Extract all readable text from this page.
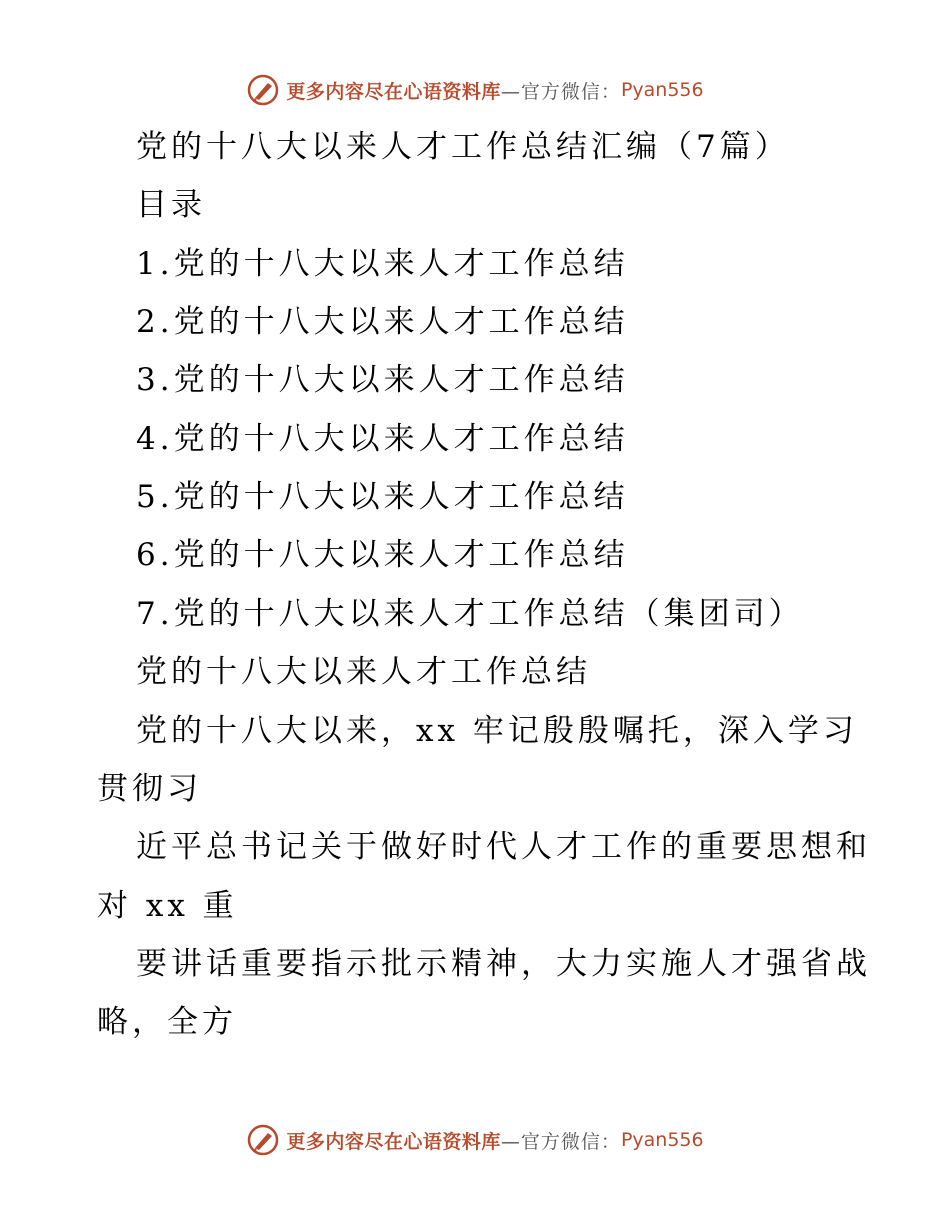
更多内容尽在心语资料库 —官方微信： Pyan556
党的十八大以来人才工作总结汇编（7篇）
目录
1.党的十八大以来人才工作总结
2.党的十八大以来人才工作总结
3.党的十八大以来人才工作总结
4.党的十八大以来人才工作总结
5.党的十八大以来人才工作总结
6.党的十八大以来人才工作总结
7.党的十八大以来人才工作总结（集团司）
党的十八大以来人才工作总结
党的十八大以来，xx 牢记殷殷嘱托，深入学习
贯彻习
近平总书记关于做好时代人才工作的重要思想和
对 xx 重
要讲话重要指示批示精神，大力实施人才强省战
略，全方
更多内容尽在心语资料库 —官方微信： Pyan556
